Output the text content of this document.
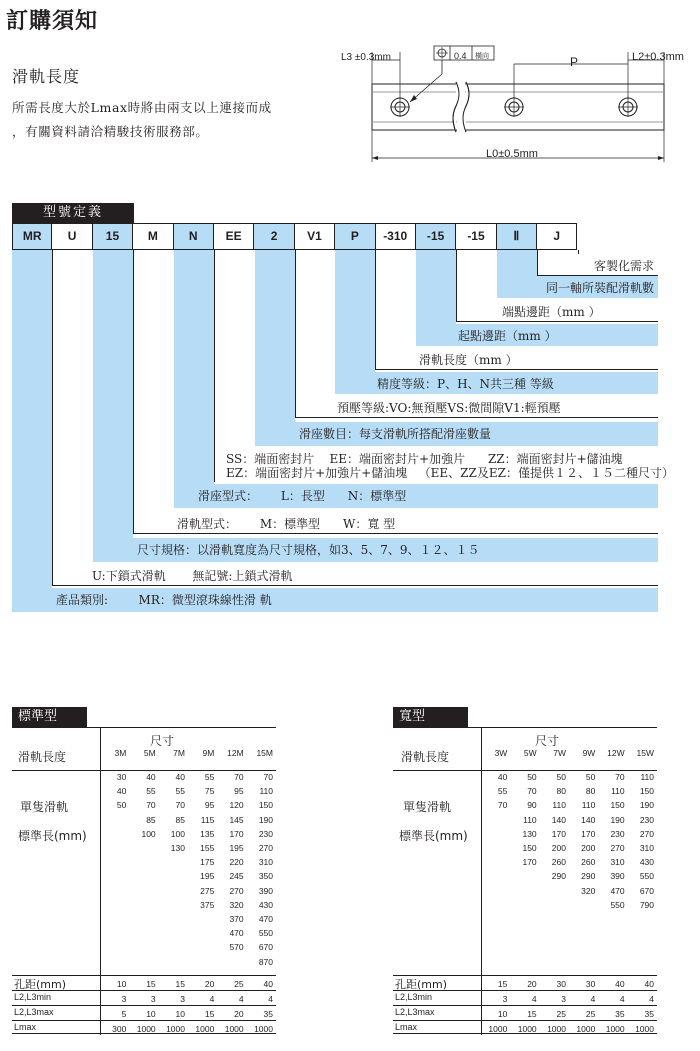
訂購須知
滑軌長度
所需長度大於Lmax時將由兩支以上連接而成
，有關資料請洽精駿技術服務部。
L3 ±0.3mm	0.4 橫向	P	L2±0.3mm
L0±0.5mm
型號定義
MR	U	15	M	N	EE	2	V1	P	-310	-15	-15	Ⅱ	J
客製化需求
同一軸所裝配滑軌數
端點邊距（mm ）
起點邊距（mm ）
滑軌長度（mm ）
精度等級：P、H、N共三種 等級
預壓等級:VO:無預壓VS:微間隙V1:輕預壓
滑座數目：每支滑軌所搭配滑座數量
SS：端面密封片    EE：端面密封片+加強片      ZZ：端面密封片+儲油塊
EZ：端面密封片+加強片+儲油塊   （EE、ZZ及EZ：僅提供１２、１５二種尺寸）
滑座型式：      L：長型      N：標準型
滑軌型式：      M：標準型      W：寬 型
尺寸規格：以滑軌寬度為尺寸規格，如3、5、7、9、１２、１５
U:下鎖式滑軌       無記號:上鎖式滑軌
產品類別:        MR：微型滾珠線性滑 軌
標準型
尺寸
滑軌長度
單隻滑軌
標準長(mm)
孔距(mm)
L2,L3min
L2,L3max
Lmax
3M	5M	7M	9M	12M	15M
30	40	40	55	70	70
40	55	55	75	95	110
50	70	70	95	120	150
	85	85	115	145	190
	100	100	135	170	230
		130	155	195	270
			175	220	310
			195	245	350
			275	270	390
			375	320	430
				370	470
				470	550
				570	670
					870
10	15	15	20	25	40
3	3	3	4	4	4
5	10	10	15	20	35
300	1000	1000	1000	1000	1000
寬型
尺寸
滑軌長度
單隻滑軌
標準長(mm)
孔距(mm)
L2,L3min
L2,L3max
Lmax
3W	5W	7W	9W	12W	15W
40	50	50	50	70	110
55	70	80	80	110	150
70	90	110	110	150	190
	110	140	140	190	230
	130	170	170	230	270
	150	200	200	270	310
	170	260	260	310	430
		290	290	390	550
			320	470	670
				550	790
15	20	30	30	40	40
3	4	3	4	4	4
10	15	25	25	35	35
1000	1000	1000	1000	1000	1000
